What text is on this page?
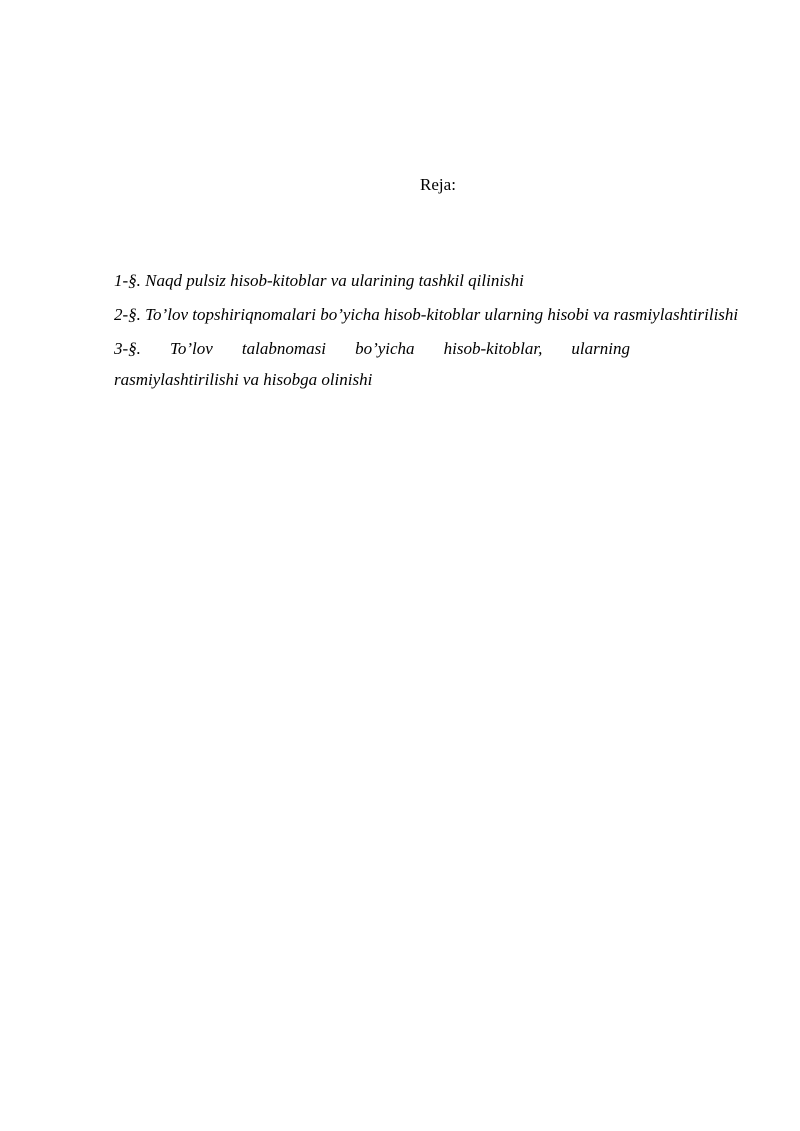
Reja:

1-§. Naqd pulsiz hisob-kitoblar va ularining tashkil qilinishi

2-§. To’lov topshiriqnomalari bo’yicha hisob-kitoblar ularning hisobi va rasmiylashtirilishi

3-§. To’lov talabnomasi bo’yicha hisob-kitoblar, ularning

rasmiylashtirilishi va hisobga olinishi
